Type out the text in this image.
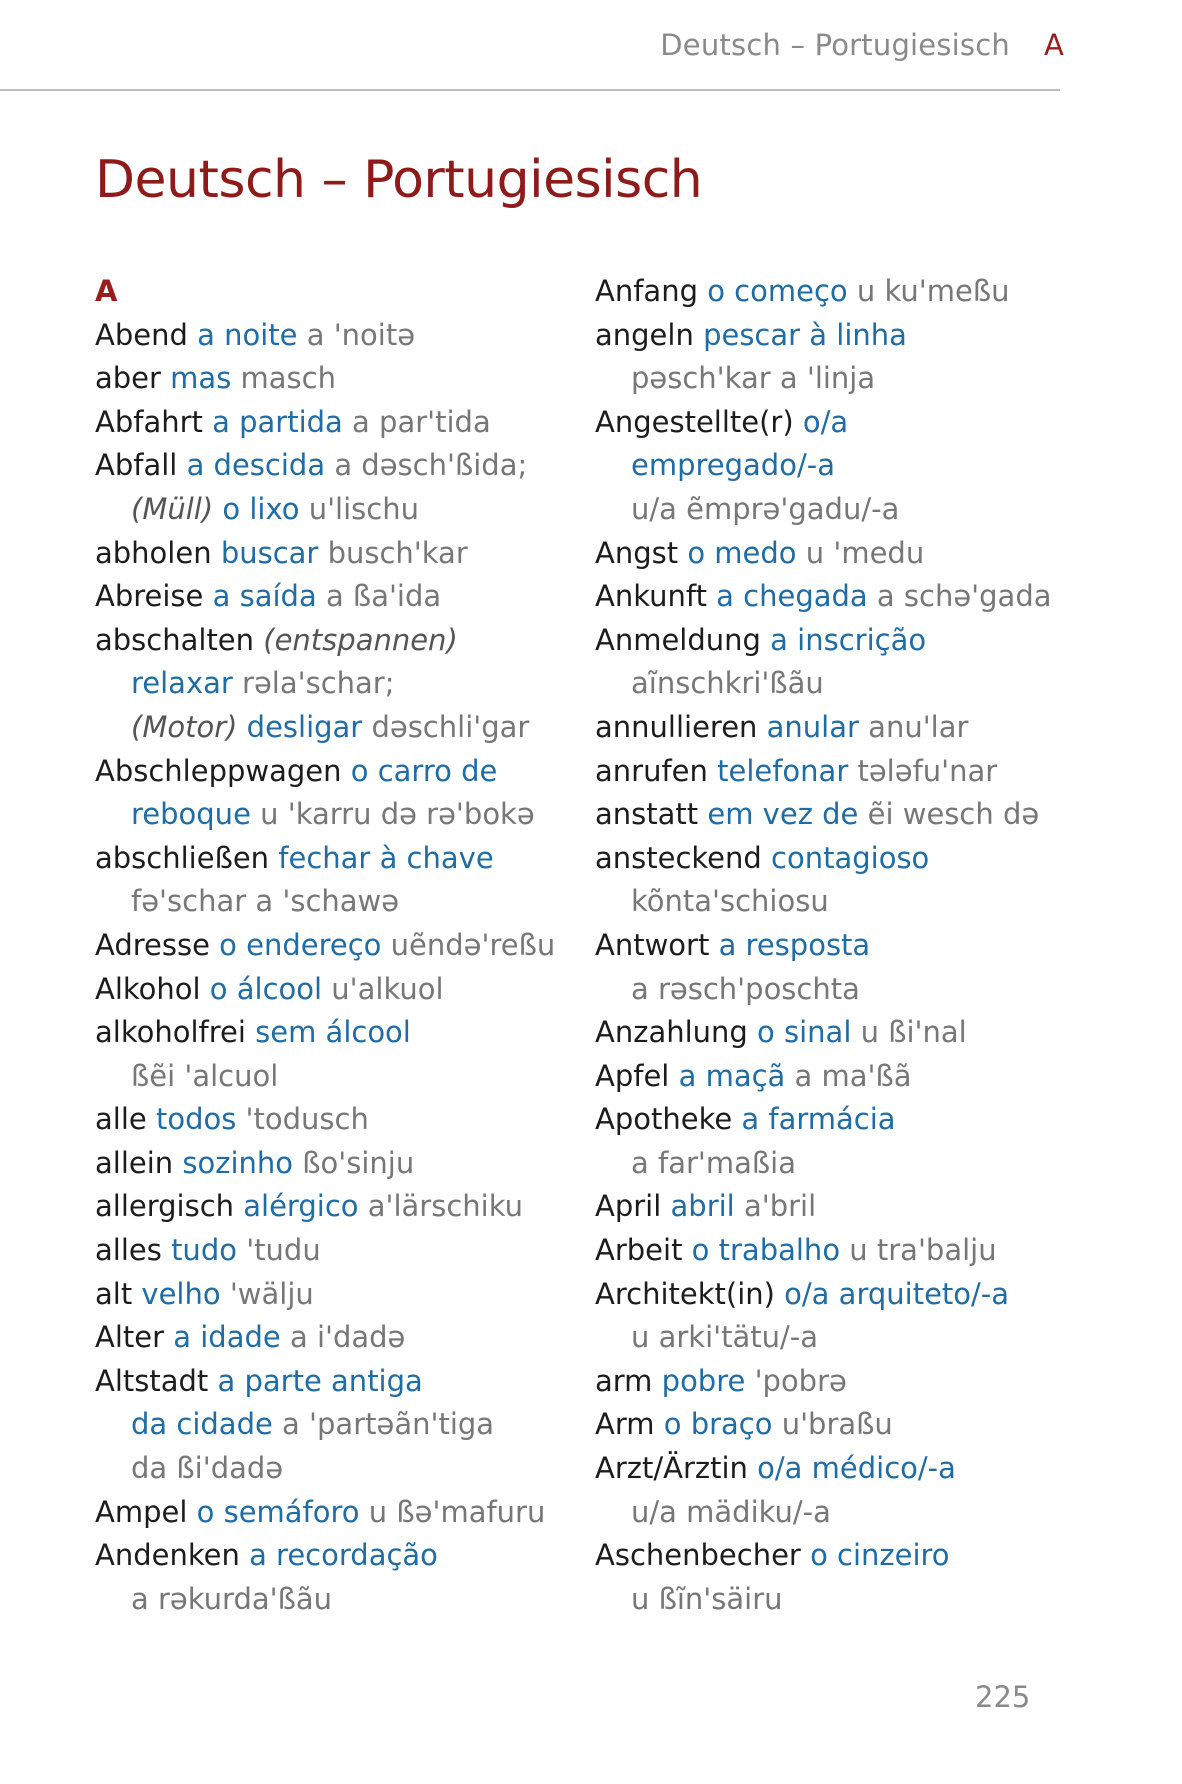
Deutsch – Portugiesisch A
Deutsch – Portugiesisch
A
Abend a noite a 'noitə
aber mas masch
Abfahrt a partida a par'tida
Abfall a descida a dəsch'ßida;
(Müll) o lixo u'lischu
abholen buscar busch'kar
Abreise a saída a ßa'ida
abschalten (entspannen)
relaxar rəla'schar;
(Motor) desligar dəschli'gar
Abschleppwagen o carro de
reboque u 'karru də rə'bokə
abschließen fechar à chave
fə'schar a 'schawə
Adresse o endereço uẽndə'reßu
Alkohol o álcool u'alkuol
alkoholfrei sem álcool
ßẽi 'alcuol
alle todos 'todusch
allein sozinho ßo'sinju
allergisch alérgico a'lärschiku
alles tudo 'tudu
alt velho 'wälju
Alter a idade a i'dadə
Altstadt a parte antiga
da cidade a 'partəãn'tiga
da ßi'dadə
Ampel o semáforo u ßə'mafuru
Andenken a recordação
a rəkurda'ßãu
Anfang o começo u ku'meßu
angeln pescar à linha
pəsch'kar a 'linja
Angestellte(r) o/a
empregado/-a
u/a ẽmprə'gadu/-a
Angst o medo u 'medu
Ankunft a chegada a schə'gada
Anmeldung a inscrição
aĩnschkri'ßãu
annullieren anular anu'lar
anrufen telefonar tələfu'nar
anstatt em vez de ẽi wesch də
ansteckend contagioso
kõnta'schiosu
Antwort a resposta
a rəsch'poschta
Anzahlung o sinal u ßi'nal
Apfel a maçã a ma'ßã
Apotheke a farmácia
a far'maßia
April abril a'bril
Arbeit o trabalho u tra'balju
Architekt(in) o/a arquiteto/-a
u arki'tätu/-a
arm pobre 'pobrə
Arm o braço u'braßu
Arzt/Ärztin o/a médico/-a
u/a mädiku/-a
Aschenbecher o cinzeiro
u ßĩn'säiru
225
